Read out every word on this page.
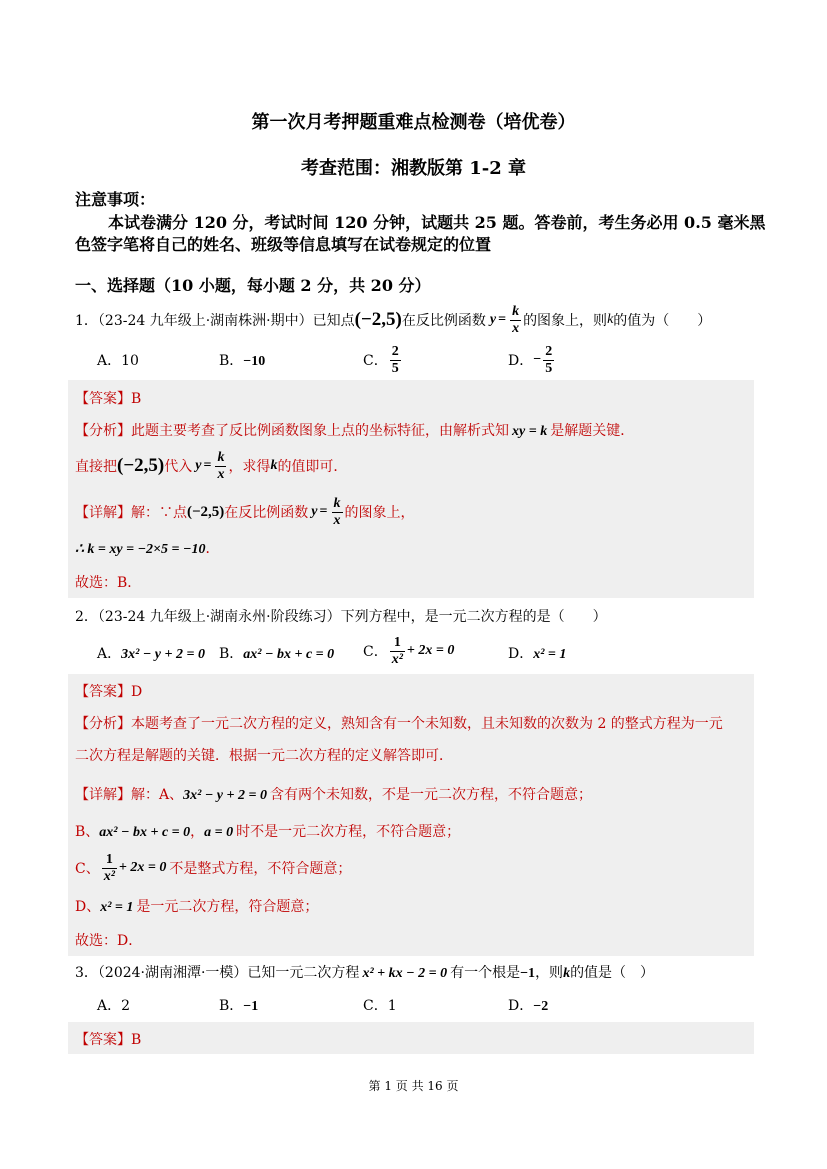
第一次月考押题重难点检测卷（培优卷）
考查范围：湘教版第 1-2 章
注意事项：
本试卷满分 120 分，考试时间 120 分钟，试题共 25 题。答卷前，考生务必用 0.5 毫米黑
色签字笔将自己的姓名、班级等信息填写在试卷规定的位置
一、选择题（10 小题，每小题 2 分，共 20 分）
1．（23-24 九年级上·湖南株洲·期中）已知点 (−2,5) 在反比例函数 $y = \frac{k}{x}$ 的图象上，则 k 的值为（　　）
A．10	B．−10	C． $\frac{2}{5}$	D． − $\frac{2}{5}$
【答案】B
【分析】此题主要考查了反比例函数图象上点的坐标特征，由解析式知 xy = k 是解题关键．
直接把 (−2,5) 代入 $y = \frac{k}{x}$ ，求得 k 的值即可．
【详解】 解：∵点 (−2,5) 在反比例函数 $y = \frac{k}{x}$ 的图象上，
∴ k = xy = −2×5 = −10．
故选：B．
2．（23-24 九年级上·湖南永州·阶段练习）下列方程中，是一元二次方程的是（　　）
A．3x² − y + 2 = 0 B．ax² − bx + c = 0 C． $\frac{1}{\text{x²}} + 2x = 0$	D．x² = 1
【答案】D
【分析】本题考查了一元二次方程的定义，熟知含有一个未知数，且未知数的次数为 2 的整式方程为一元
二次方程是解题的关键．根据一元二次方程的定义解答即可．
【详解】解：A、3x² − y + 2 = 0 含有两个未知数，不是一元二次方程，不符合题意；
B、ax² − bx + c = 0，a = 0 时不是一元二次方程，不符合题意；
C、 $\frac{1}{\text{x²}} + 2x = 0$ 不是整式方程，不符合题意；
D、x² = 1 是一元二次方程，符合题意；
故选：D．
3．（2024·湖南湘潭·一模）已知一元二次方程 x² + kx − 2 = 0 有一个根是−1，则k的值是（　）
A．2	B．−1	C．1	D．−2
【答案】B
第 1 页 共 16 页
